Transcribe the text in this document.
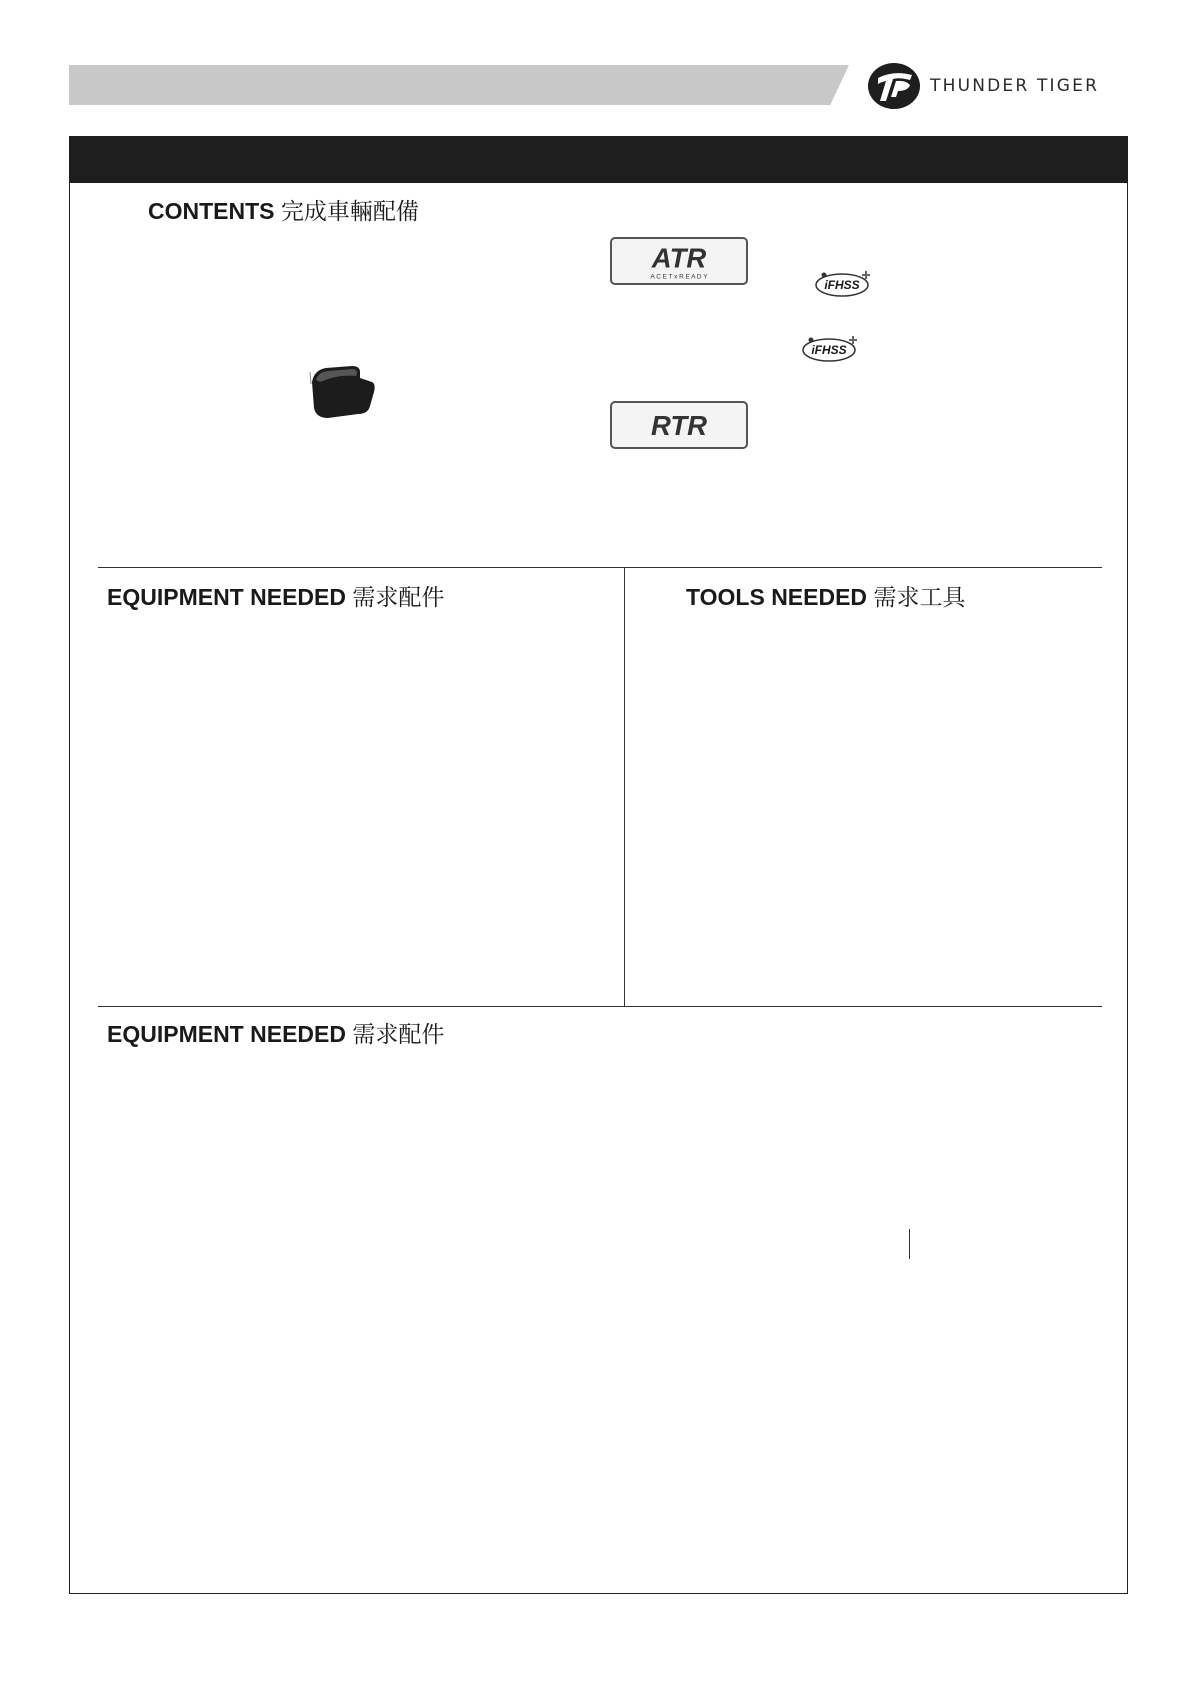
THUNDER TIGER
CONTENTS 完成車輛配備
ATR
A C E T x R E A D Y
iFHSS
iFHSS
RTR
EQUIPMENT NEEDED 需求配件	TOOLS NEEDED 需求工具
EQUIPMENT NEEDED 需求配件
